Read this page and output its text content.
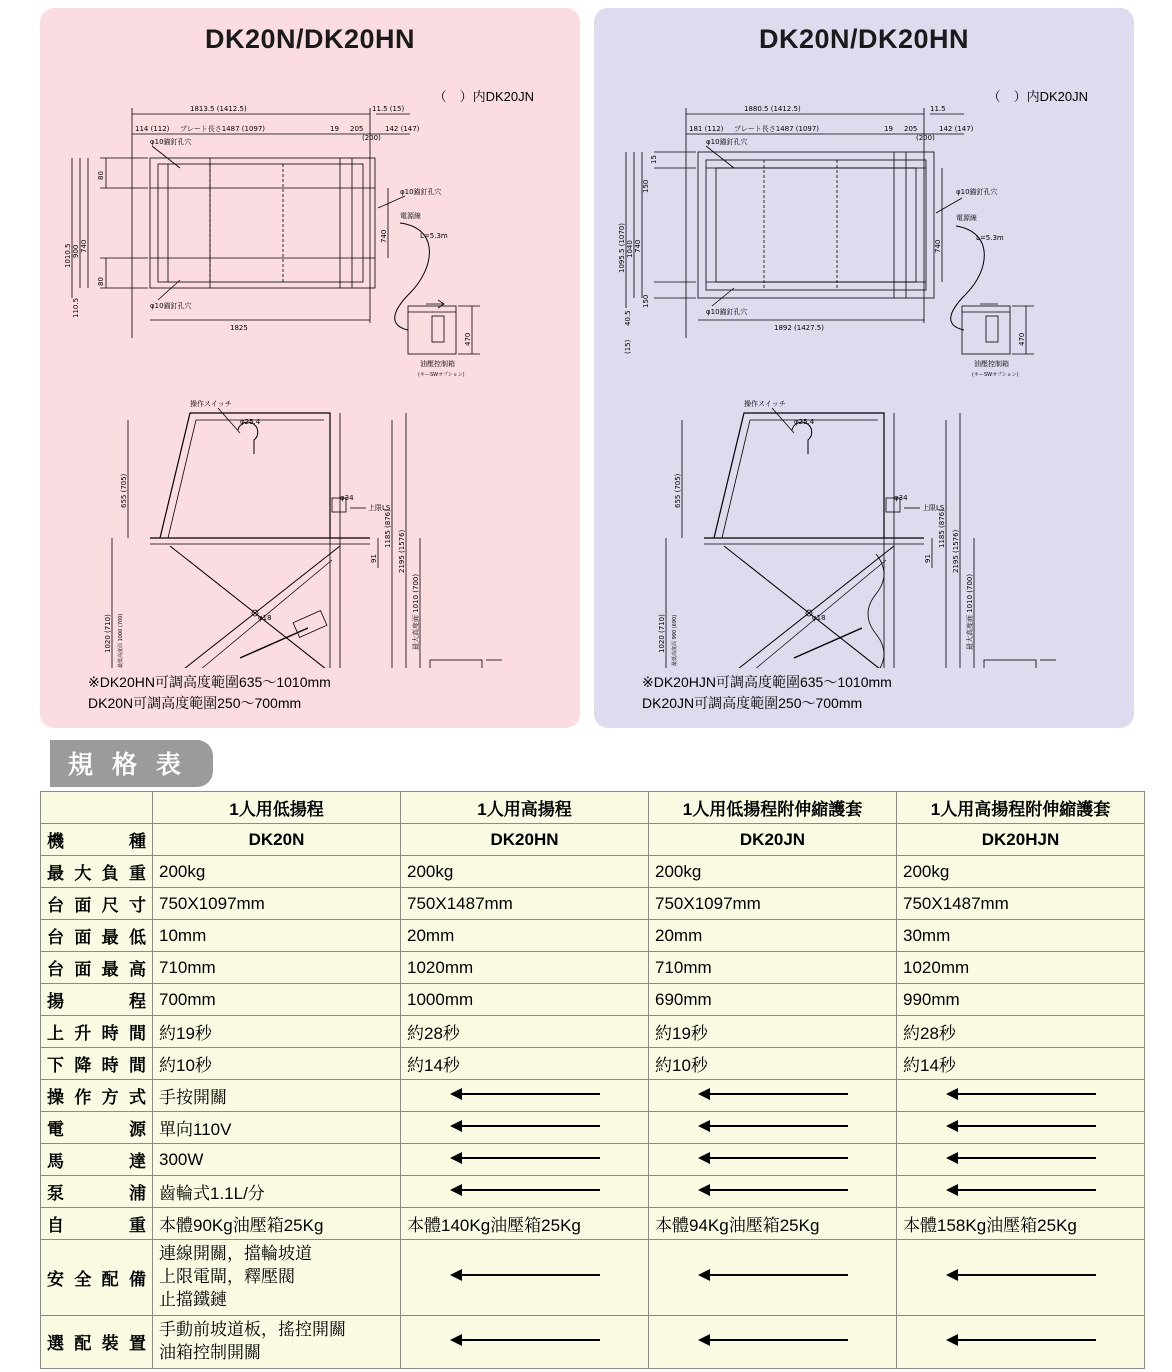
DK20N/DK20HN
（　）内DK20JN
1813.5 (1412.5)	11.5 (15)
114 (112) プレート長さ1487 (1097)	19 205
(200)
142 (147)
80
80
740
900
1010.5
110.5
1825
740
φ10錨釘孔穴
φ10錨釘孔穴
φ10錨釘孔穴
電源線
L=5.3m
470
油壓控制箱
(キーSWオプション)
操作スイッチ
φ25.4
φ18
φ34
上限LS
1185 (876)
2195 (1576)
91
最大高度面 1010 (700)
655 (705)
1020 (710) 最低高度面 1000 (700)
※DK20HN可調高度範圍635～1010mm
DK20N可調高度範圍250～700mm
DK20N/DK20HN
（　）内DK20JN
1880.5 (1412.5)	11.5
181 (112) プレート長さ1487 (1097)	19 205
(200)
142 (147)
15
150
740
1040
1095.5 (1070)
150
40.5
(15)
1892 (1427.5)
740
φ10錨釘孔穴
φ10錨釘孔穴
φ10錨釘孔穴
電源線
L=5.3m
470
油壓控制箱
(キーSWオプション)
操作スイッチ
φ25.4
φ18
φ34
上限LS
1185 (876)
2195 (1576)
91
最大高度面 1010 (700)
655 (705)
1020 (710) 最低高度面 990 (690)
※DK20HJN可調高度範圍635～1010mm
DK20JN可調高度範圍250～700mm
規 格 表
	1人用低揚程	1人用高揚程	1人用低揚程附伸縮護套	1人用高揚程附伸縮護套
機　　種	DK20N	DK20HN	DK20JN	DK20HJN
最大負重	200kg	200kg	200kg	200kg
台面尺寸	750X1097mm	750X1487mm	750X1097mm	750X1487mm
台面最低	10mm	20mm	20mm	30mm
台面最高	710mm	1020mm	710mm	1020mm
揚　　程	700mm	1000mm	690mm	990mm
上升時間	約19秒	約28秒	約19秒	約28秒
下降時間	約10秒	約14秒	約10秒	約14秒
操作方式	手按開關			
電　　源	單向110V			
馬　　達	300W			
泵　　浦	齒輪式1.1L/分			
自　　重	本體90Kg油壓箱25Kg	本體140Kg油壓箱25Kg	本體94Kg油壓箱25Kg	本體158Kg油壓箱25Kg
安全配備	連線開關，擋輪坡道
上限電閘，釋壓閥
止擋鐵鏈			

選配裝置	手動前坡道板，搖控開關
油箱控制開關			
